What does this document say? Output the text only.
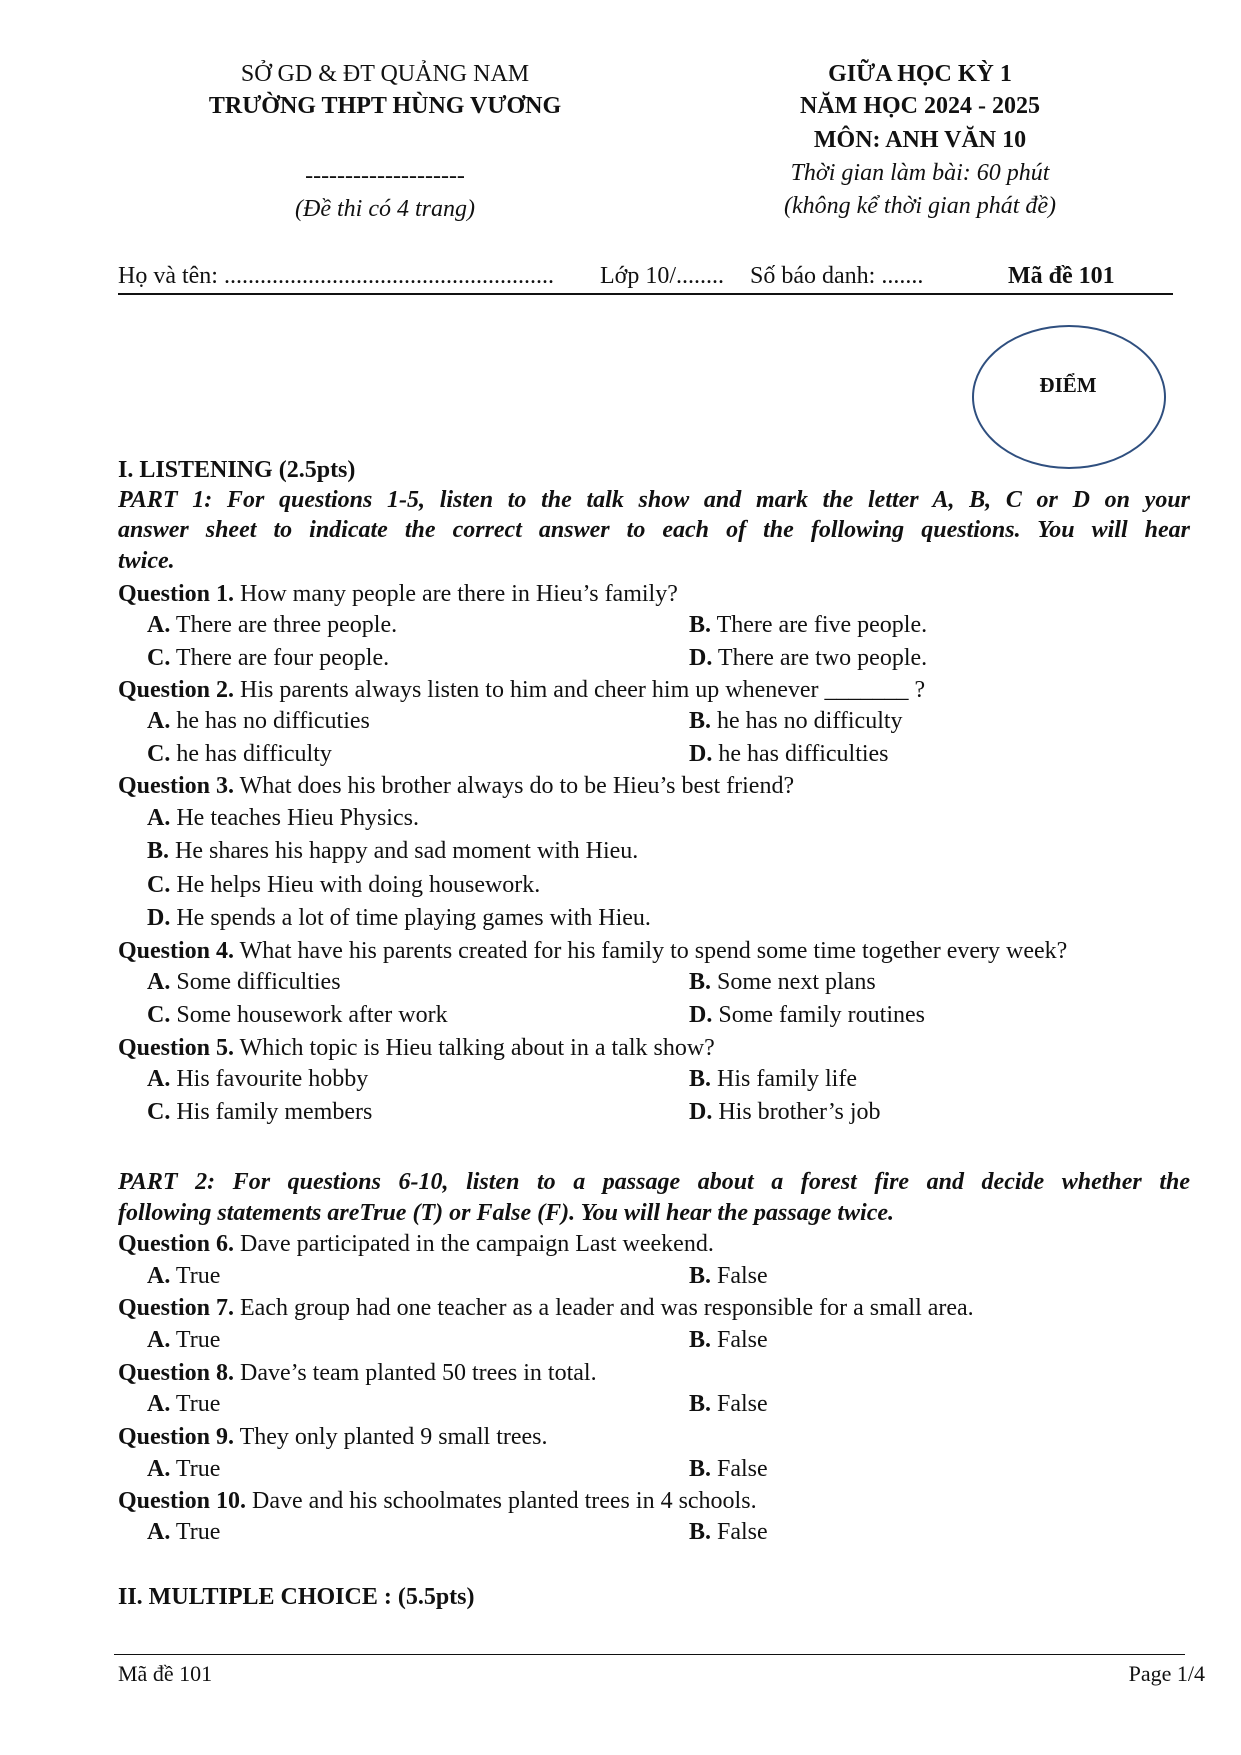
SỞ GD & ĐT QUẢNG NAM
TRƯỜNG THPT HÙNG VƯƠNG
--------------------
(Đề thi có 4 trang)
GIỮA HỌC KỲ 1
NĂM HỌC 2024 - 2025
MÔN: ANH VĂN 10
Thời gian làm bài: 60 phút
(không kể thời gian phát đề)
Họ và tên: ....................................................... Lớp 10/........ Số báo danh: .......	Mã đề 101
ĐIỂM
I. LISTENING (2.5pts)
PART 1: For questions 1-5, listen to the talk show and mark the letter A, B, C or D on your
answer sheet to indicate the correct answer to each of the following questions. You will hear
twice.
Question 1. How many people are there in Hieu’s family?
A. There are three people.	B. There are five people.
C. There are four people.	D. There are two people.
Question 2. His parents always listen to him and cheer him up whenever _______ ?
A. he has no difficuties	B. he has no difficulty
C. he has difficulty	D. he has difficulties
Question 3. What does his brother always do to be Hieu’s best friend?
A. He teaches Hieu Physics.
B. He shares his happy and sad moment with Hieu.
C. He helps Hieu with doing housework.
D. He spends a lot of time playing games with Hieu.
Question 4. What have his parents created for his family to spend some time together every week?
A. Some difficulties	B. Some next plans
C. Some housework after work	D. Some family routines
Question 5. Which topic is Hieu talking about in a talk show?
A. His favourite hobby	B. His family life
C. His family members	D. His brother’s job
PART 2: For questions 6-10, listen to a passage about a forest fire and decide whether the
following statements areTrue (T) or False (F). You will hear the passage twice.
Question 6. Dave participated in the campaign Last weekend.
A. True	B. False
Question 7. Each group had one teacher as a leader and was responsible for a small area.
A. True	B. False
Question 8. Dave’s team planted 50 trees in total.
A. True	B. False
Question 9. They only planted 9 small trees.
A. True	B. False
Question 10. Dave and his schoolmates planted trees in 4 schools.
A. True	B. False
II. MULTIPLE CHOICE : (5.5pts)
Mã đề 101	Page 1/4
